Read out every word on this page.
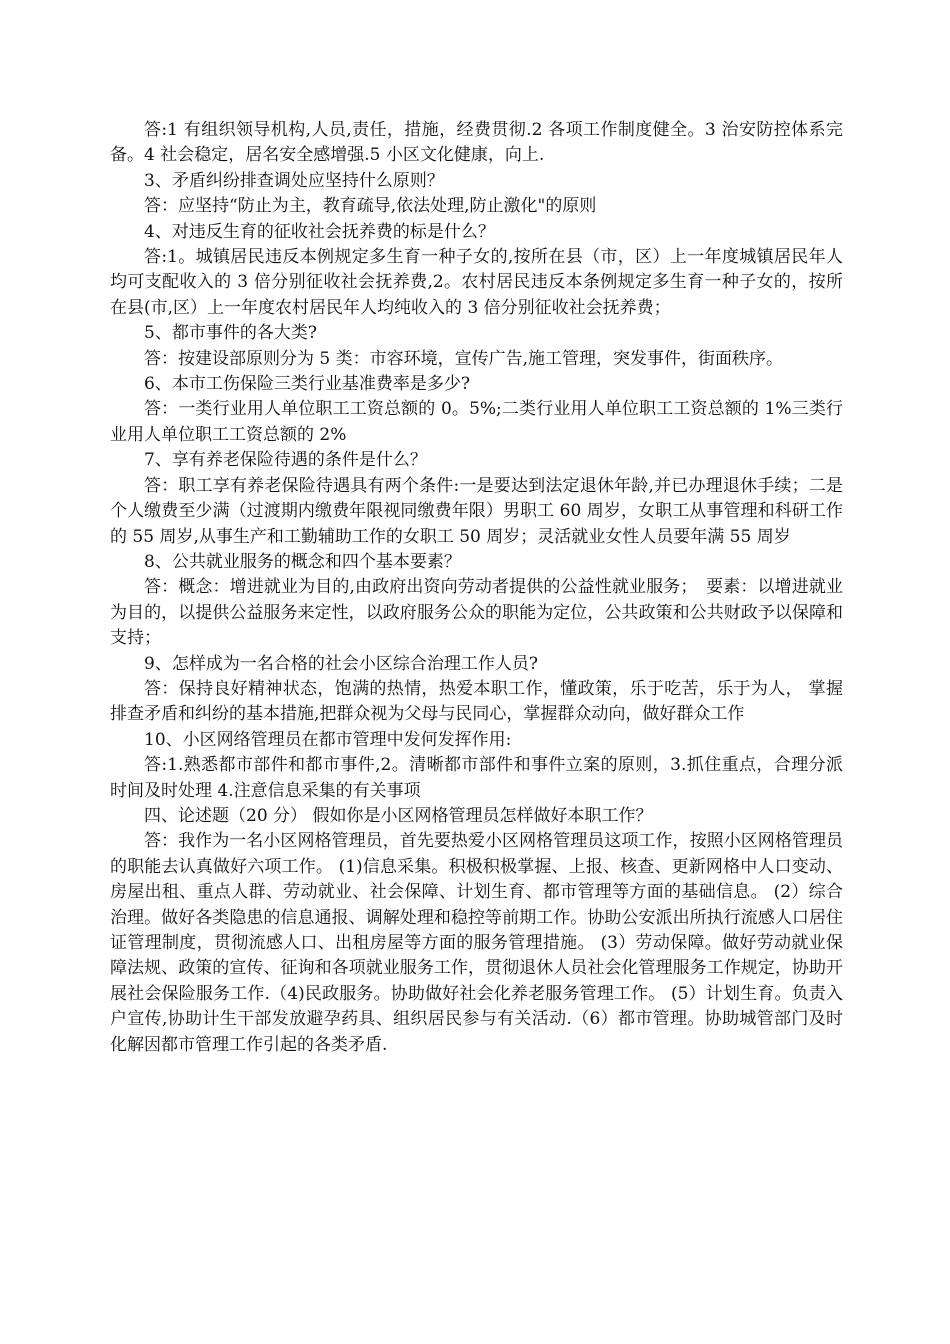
答:1 有组织领导机构,人员,责任，措施，经费贯彻.2 各项工作制度健全。3 治安防控体系完备。4 社会稳定，居名安全感增强.5 小区文化健康，向上.

3、矛盾纠纷排查调处应坚持什么原则？

答：应坚持“防止为主，教育疏导,依法处理,防止激化"的原则

4、对违反生育的征收社会抚养费的标是什么？

答:1。城镇居民违反本例规定多生育一种子女的,按所在县（市，区）上一年度城镇居民年人均可支配收入的 3 倍分别征收社会抚养费,2。农村居民违反本条例规定多生育一种子女的，按所在县(市,区）上一年度农村居民年人均纯收入的 3 倍分别征收社会抚养费；

5、都市事件的各大类?

答：按建设部原则分为 5 类：市容环境，宣传广告,施工管理，突发事件，街面秩序。

6、本市工伤保险三类行业基准费率是多少?

答：一类行业用人单位职工工资总额的 0。5%;二类行业用人单位职工工资总额的 1%三类行业用人单位职工工资总额的 2%

7、享有养老保险待遇的条件是什么？

答：职工享有养老保险待遇具有两个条件:一是要达到法定退休年龄,并已办理退休手续；二是个人缴费至少满（过渡期内缴费年限视同缴费年限）男职工 60 周岁，女职工从事管理和科研工作的 55 周岁,从事生产和工勤辅助工作的女职工 50 周岁；灵活就业女性人员要年满 55 周岁

8、公共就业服务的概念和四个基本要素？

答：概念：增进就业为目的,由政府出资向劳动者提供的公益性就业服务；　要素：以增进就业为目的，以提供公益服务来定性，以政府服务公众的职能为定位，公共政策和公共财政予以保障和支持；

9、怎样成为一名合格的社会小区综合治理工作人员?

答：保持良好精神状态，饱满的热情，热爱本职工作，懂政策，乐于吃苦，乐于为人， 掌握排查矛盾和纠纷的基本措施,把群众视为父母与民同心，掌握群众动向，做好群众工作

10、小区网络管理员在都市管理中发何发挥作用:

答:1.熟悉都市部件和都市事件,2。清晰都市部件和事件立案的原则，3.抓住重点，合理分派时间及时处理 4.注意信息采集的有关事项

四、论述题（20 分） 假如你是小区网格管理员怎样做好本职工作？

答：我作为一名小区网格管理员，首先要热爱小区网格管理员这项工作，按照小区网格管理员的职能去认真做好六项工作。 (1)信息采集。积极积极掌握、上报、核查、更新网格中人口变动、房屋出租、重点人群、劳动就业、社会保障、计划生育、都市管理等方面的基础信息。 (2）综合治理。做好各类隐患的信息通报、调解处理和稳控等前期工作。协助公安派出所执行流感人口居住证管理制度，贯彻流感人口、出租房屋等方面的服务管理措施。 (3）劳动保障。做好劳动就业保障法规、政策的宣传、征询和各项就业服务工作，贯彻退休人员社会化管理服务工作规定，协助开展社会保险服务工作.（4)民政服务。协助做好社会化养老服务管理工作。 (5）计划生育。负责入户宣传,协助计生干部发放避孕药具、组织居民参与有关活动.（6）都市管理。协助城管部门及时化解因都市管理工作引起的各类矛盾.
